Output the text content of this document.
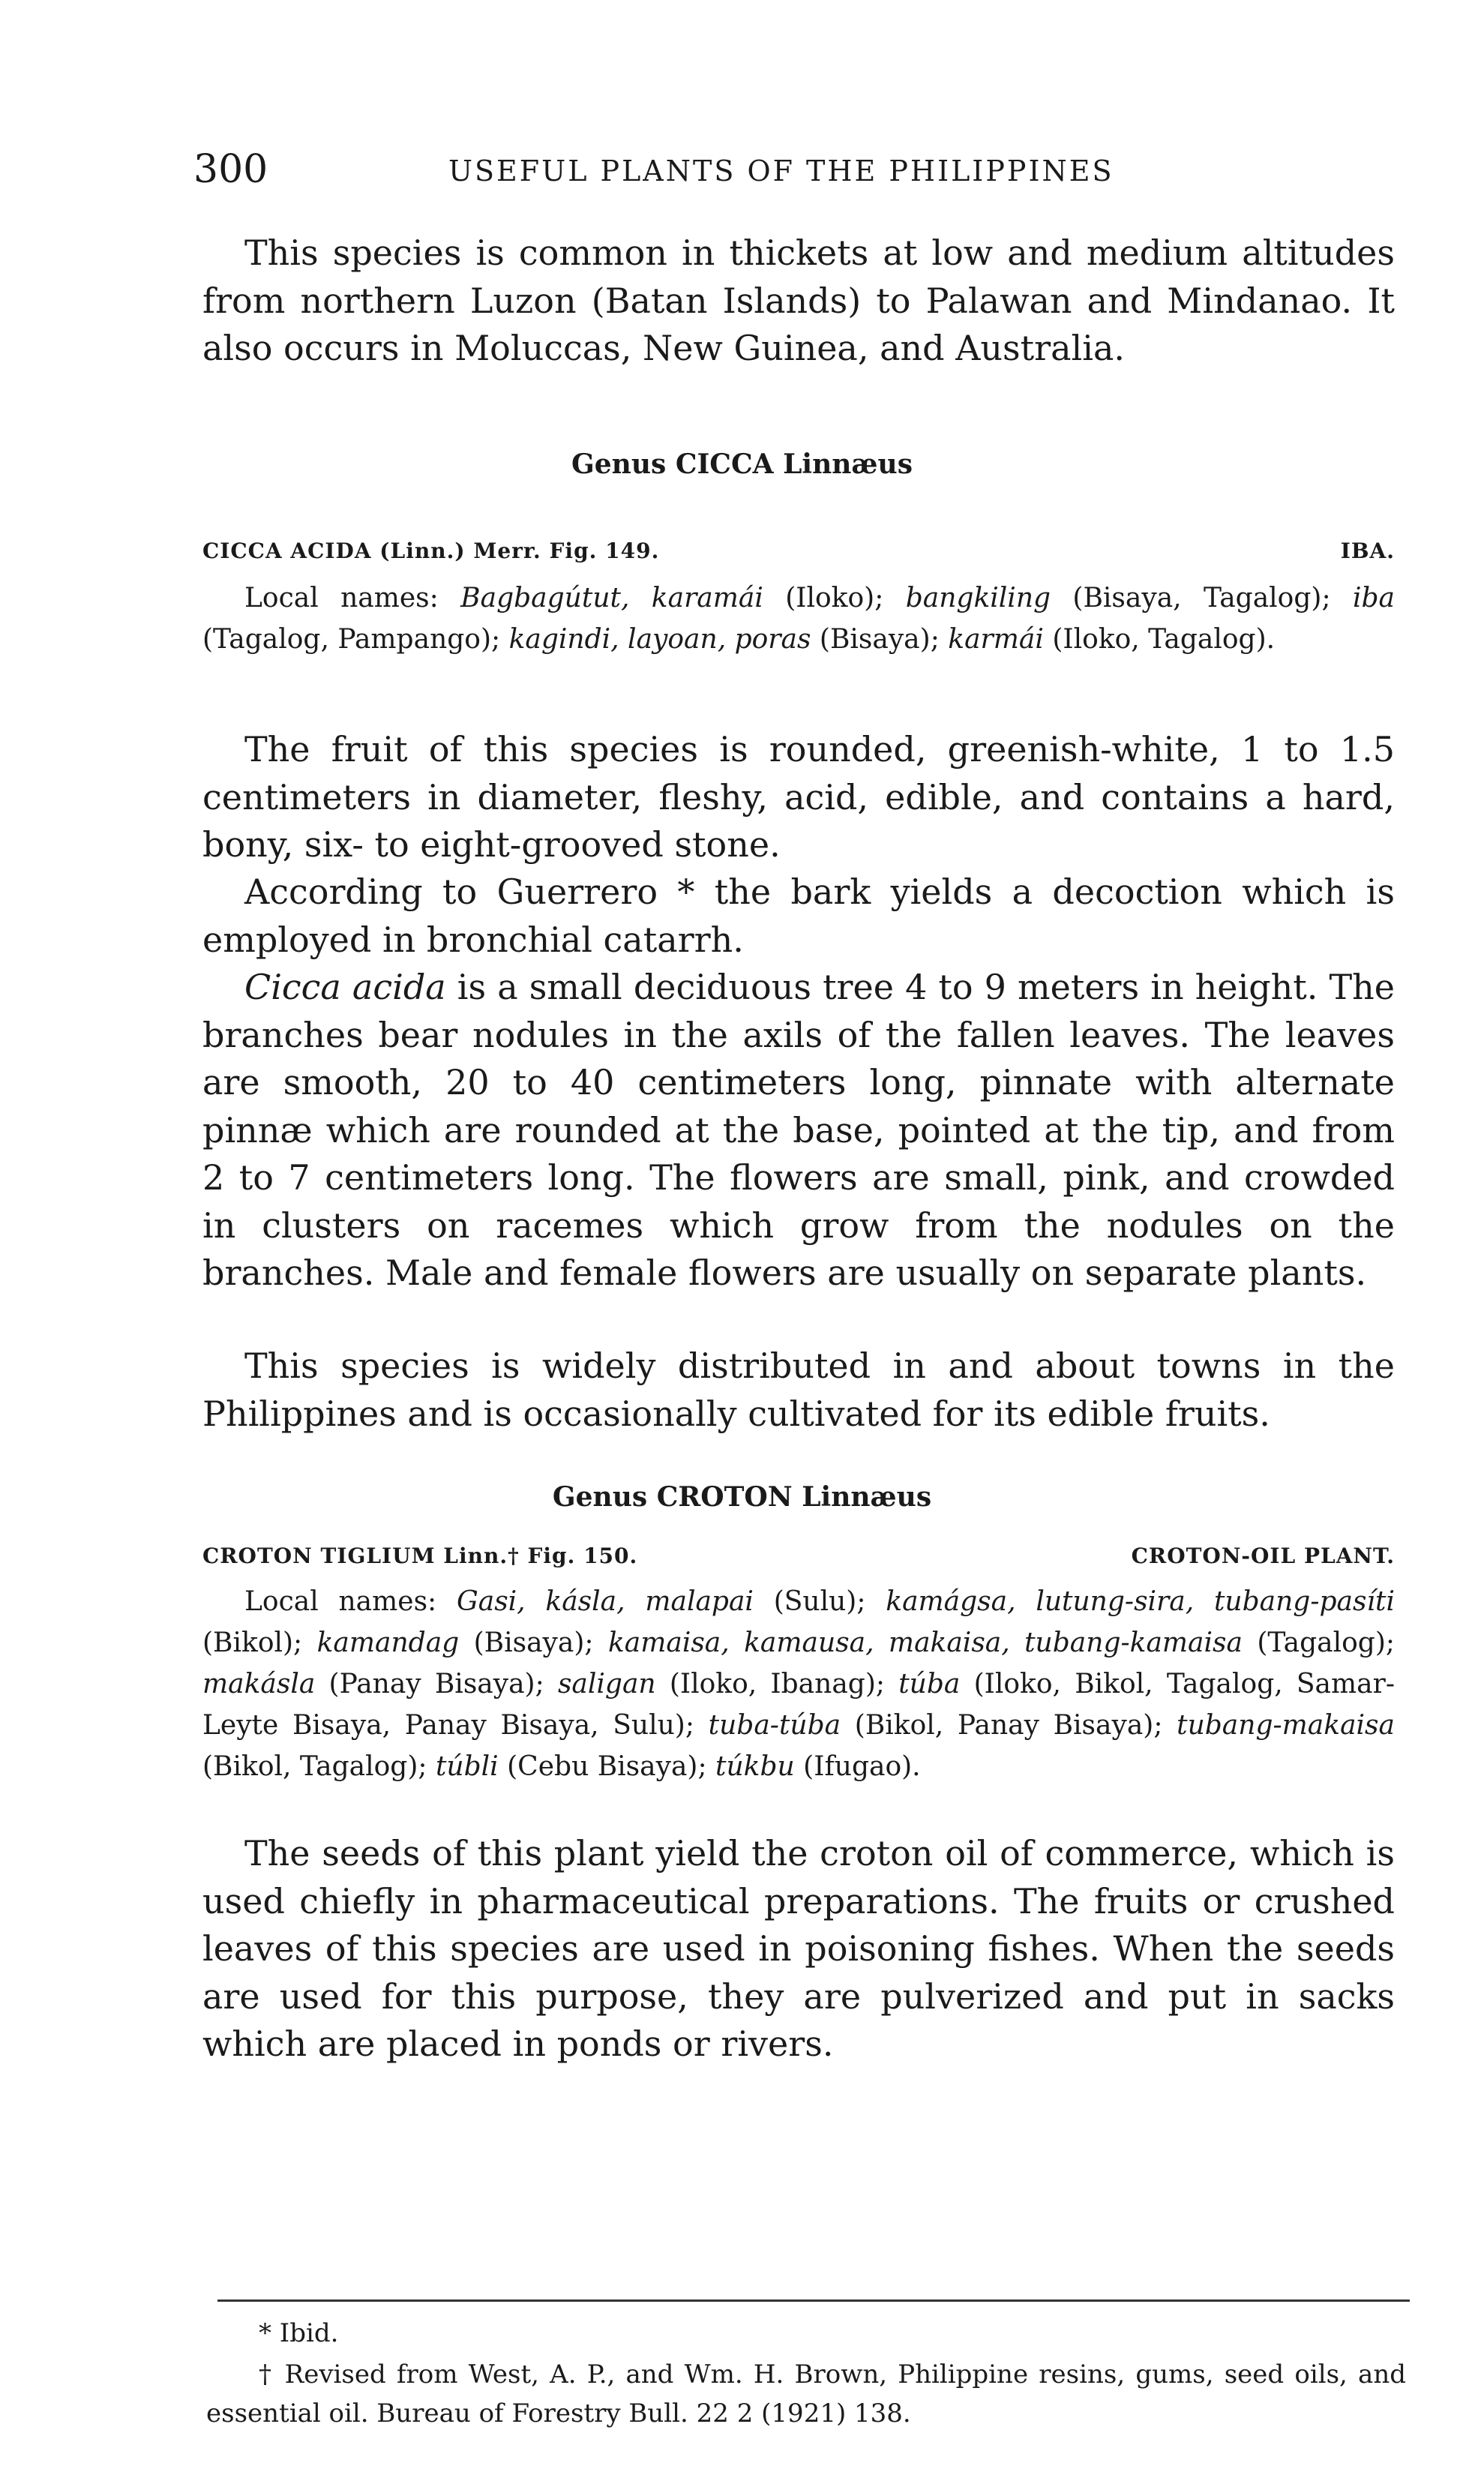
300	USEFUL PLANTS OF THE PHILIPPINES

This species is common in thickets at low and medium altitudes from northern Luzon (Batan Islands) to Palawan and Mindanao. It also occurs in Moluccas, New Guinea, and Australia.

Genus CICCA Linnæus
CICCA ACIDA (Linn.) Merr. Fig. 149.	IBA.

Local names: Bagbagútut, karamái (Iloko); bangkiling (Bisaya, Tagalog); iba (Tagalog, Pampango); kagindi, layoan, poras (Bisaya); karmái (Iloko, Tagalog).

The fruit of this species is rounded, greenish-white, 1 to 1.5 centimeters in diameter, fleshy, acid, edible, and contains a hard, bony, six- to eight-grooved stone.

According to Guerrero * the bark yields a decoction which is employed in bronchial catarrh.

Cicca acida is a small deciduous tree 4 to 9 meters in height. The branches bear nodules in the axils of the fallen leaves. The leaves are smooth, 20 to 40 centimeters long, pinnate with alternate pinnæ which are rounded at the base, pointed at the tip, and from 2 to 7 centimeters long. The flowers are small, pink, and crowded in clusters on racemes which grow from the nodules on the branches. Male and female flowers are usually on separate plants.

This species is widely distributed in and about towns in the Philippines and is occasionally cultivated for its edible fruits.

Genus CROTON Linnæus
CROTON TIGLIUM Linn.† Fig. 150.	CROTON-OIL PLANT.

Local names: Gasi, kásla, malapai (Sulu); kamágsa, lutung-sira, tubang-pasíti (Bikol); kamandag (Bisaya); kamaisa, kamausa, makaisa, tubang-kamaisa (Tagalog); makásla (Panay Bisaya); saligan (Iloko, Ibanag); túba (Iloko, Bikol, Tagalog, Samar-Leyte Bisaya, Panay Bisaya, Sulu); tuba-túba (Bikol, Panay Bisaya); tubang-makaisa (Bikol, Tagalog); túbli (Cebu Bisaya); túkbu (Ifugao).

The seeds of this plant yield the croton oil of commerce, which is used chiefly in pharmaceutical preparations. The fruits or crushed leaves of this species are used in poisoning fishes. When the seeds are used for this purpose, they are pulverized and put in sacks which are placed in ponds or rivers.

* Ibid.

† Revised from West, A. P., and Wm. H. Brown, Philippine resins, gums, seed oils, and essential oil. Bureau of Forestry Bull. 22 2 (1921) 138.
